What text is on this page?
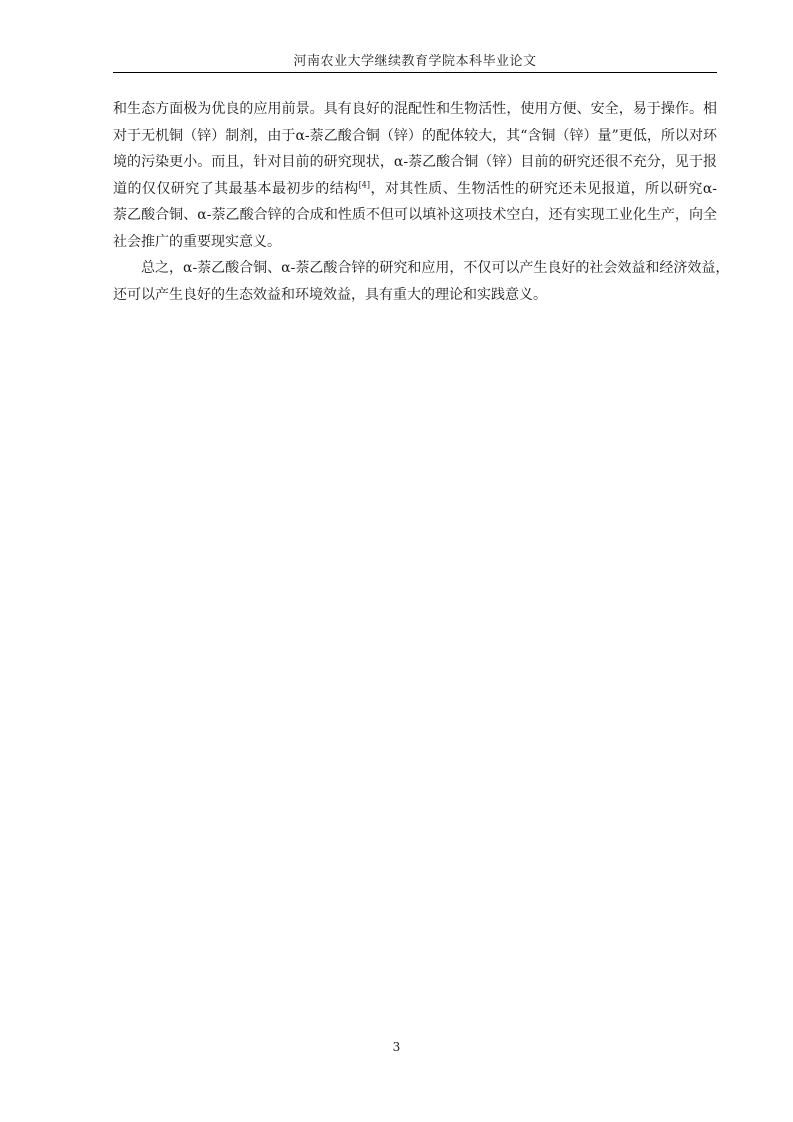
河南农业大学继续教育学院本科毕业论文
和生态方面极为优良的应用前景。具有良好的混配性和生物活性，使用方便、安全，易于操作。相
对于无机铜（锌）制剂，由于α-萘乙酸合铜（锌）的配体较大，其“含铜（锌）量”更低，所以对环
境的污染更小。而且，针对目前的研究现状，α-萘乙酸合铜（锌）目前的研究还很不充分，见于报
道的仅仅研究了其最基本最初步的结构[4]，对其性质、生物活性的研究还未见报道，所以研究α-
萘乙酸合铜、α-萘乙酸合锌的合成和性质不但可以填补这项技术空白，还有实现工业化生产，向全
社会推广的重要现实意义。
总之，α-萘乙酸合铜、α-萘乙酸合锌的研究和应用，不仅可以产生良好的社会效益和经济效益，
还可以产生良好的生态效益和环境效益，具有重大的理论和实践意义。
3
